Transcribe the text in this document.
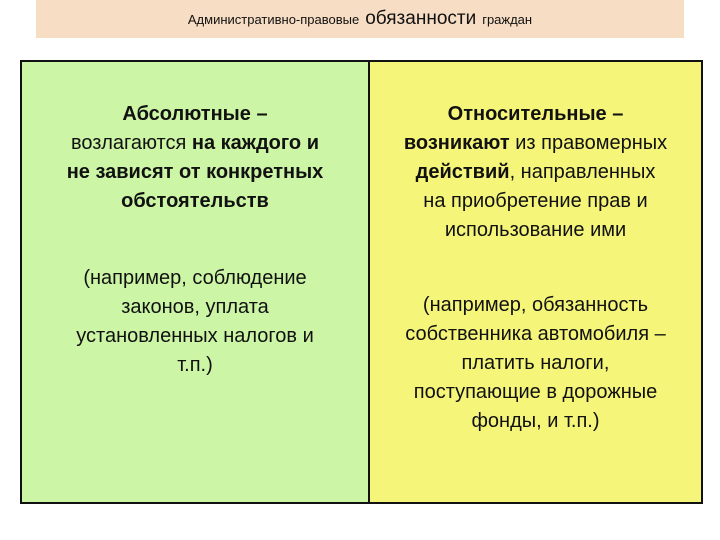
Административно-правовые обязанности граждан
Абсолютные –
возлагаются на каждого и
не зависят от конкретных
обстоятельств
(например, соблюдение
законов, уплата
установленных налогов и
т.п.)
Относительные –
возникают из правомерных
действий, направленных
на приобретение прав и
использование ими
(например, обязанность
собственника автомобиля –
платить налоги,
поступающие в дорожные
фонды, и т.п.)
